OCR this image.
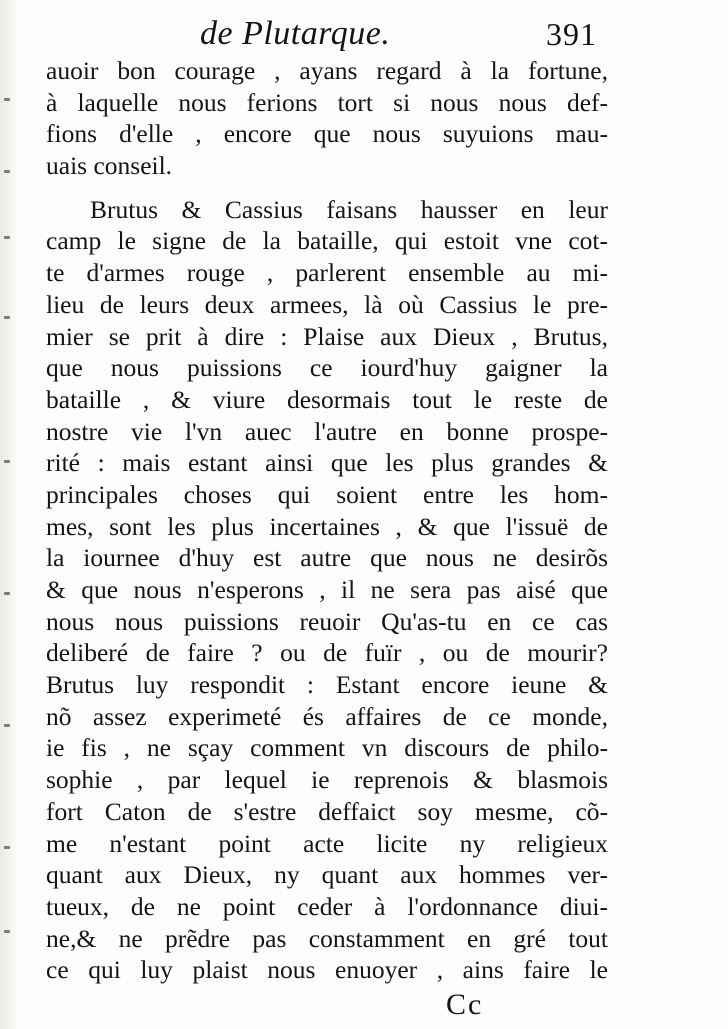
de Plutarque.	391
auoir bon courage , ayans regard à la fortune,
à laquelle nous ferions tort si nous nous def-
fions d'elle , encore que nous suyuions mau-
uais conseil.
Brutus & Cassius faisans hausser en leur
camp le signe de la bataille, qui estoit vne cot-
te d'armes rouge , parlerent ensemble au mi-
lieu de leurs deux armees, là où Cassius le pre-
mier se prit à dire : Plaise aux Dieux , Brutus,
que nous puissions ce iourd'huy gaigner la
bataille , & viure desormais tout le reste de
nostre vie l'vn auec l'autre en bonne prospe-
rité : mais estant ainsi que les plus grandes &
principales choses qui soient entre les hom-
mes, sont les plus incertaines , & que l'issuë de
la iournee d'huy est autre que nous ne desirõs
& que nous n'esperons , il ne sera pas aisé que
nous nous puissions reuoir Qu'as-tu en ce cas
deliberé de faire ? ou de fuïr , ou de mourir?
Brutus luy respondit : Estant encore ieune &
nõ assez experimeté és affaires de ce monde,
ie fis , ne sçay comment vn discours de philo-
sophie , par lequel ie reprenois & blasmois
fort Caton de s'estre deffaict soy mesme, cõ-
me n'estant point acte licite ny religieux
quant aux Dieux, ny quant aux hommes ver-
tueux, de ne point ceder à l'ordonnance diui-
ne,& ne prẽdre pas constamment en gré tout
ce qui luy plaist nous enuoyer , ains faire le
Cc
